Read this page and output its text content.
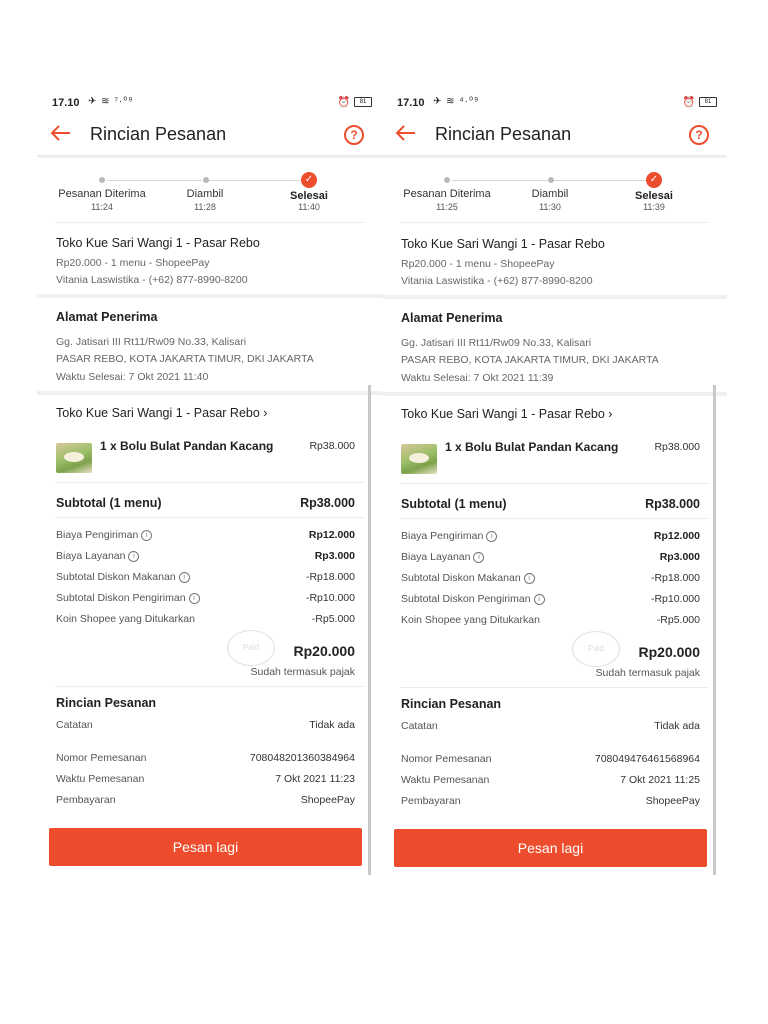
17.10 ✈ ≋ ⁷·⁰⁹	⏰ 81
Rincian Pesanan	?
✓
Pesanan Diterima	Diambil	Selesai
11:24	11:28	11:40
Toko Kue Sari Wangi 1 - Pasar Rebo
Rp20.000 - 1 menu - ShopeePay
Vitania Laswistika - (+62) 877-8990-8200
Alamat Penerima
Gg. Jatisari III Rt11/Rw09 No.33, Kalisari
PASAR REBO, KOTA JAKARTA TIMUR, DKI JAKARTA
Waktu Selesai: 7 Okt 2021 11:40
Toko Kue Sari Wangi 1 - Pasar Rebo ›
1 x Bolu Bulat Pandan Kacang	Rp38.000
Subtotal (1 menu)	Rp38.000
Biaya Pengiriman i	Rp12.000
Biaya Layanan i	Rp3.000
Subtotal Diskon Makanan i	-Rp18.000
Subtotal Diskon Pengiriman i	-Rp10.000
Koin Shopee yang Ditukarkan	-Rp5.000
Paid	Rp20.000
Sudah termasuk pajak
Rincian Pesanan
Catatan	Tidak ada
Nomor Pemesanan	708048201360384964
Waktu Pemesanan	7 Okt 2021 11:23
Pembayaran	ShopeePay
Pesan lagi
17.10 ✈ ≋ ⁴·⁰⁹	⏰ 81
Rincian Pesanan	?
✓
Pesanan Diterima	Diambil	Selesai
11:25	11:30	11:39
Toko Kue Sari Wangi 1 - Pasar Rebo
Rp20.000 - 1 menu - ShopeePay
Vitania Laswistika - (+62) 877-8990-8200
Alamat Penerima
Gg. Jatisari III Rt11/Rw09 No.33, Kalisari
PASAR REBO, KOTA JAKARTA TIMUR, DKI JAKARTA
Waktu Selesai: 7 Okt 2021 11:39
Toko Kue Sari Wangi 1 - Pasar Rebo ›
1 x Bolu Bulat Pandan Kacang	Rp38.000
Subtotal (1 menu)	Rp38.000
Biaya Pengiriman i	Rp12.000
Biaya Layanan i	Rp3.000
Subtotal Diskon Makanan i	-Rp18.000
Subtotal Diskon Pengiriman i	-Rp10.000
Koin Shopee yang Ditukarkan	-Rp5.000
Paid	Rp20.000
Sudah termasuk pajak
Rincian Pesanan
Catatan	Tidak ada
Nomor Pemesanan	708049476461568964
Waktu Pemesanan	7 Okt 2021 11:25
Pembayaran	ShopeePay
Pesan lagi
